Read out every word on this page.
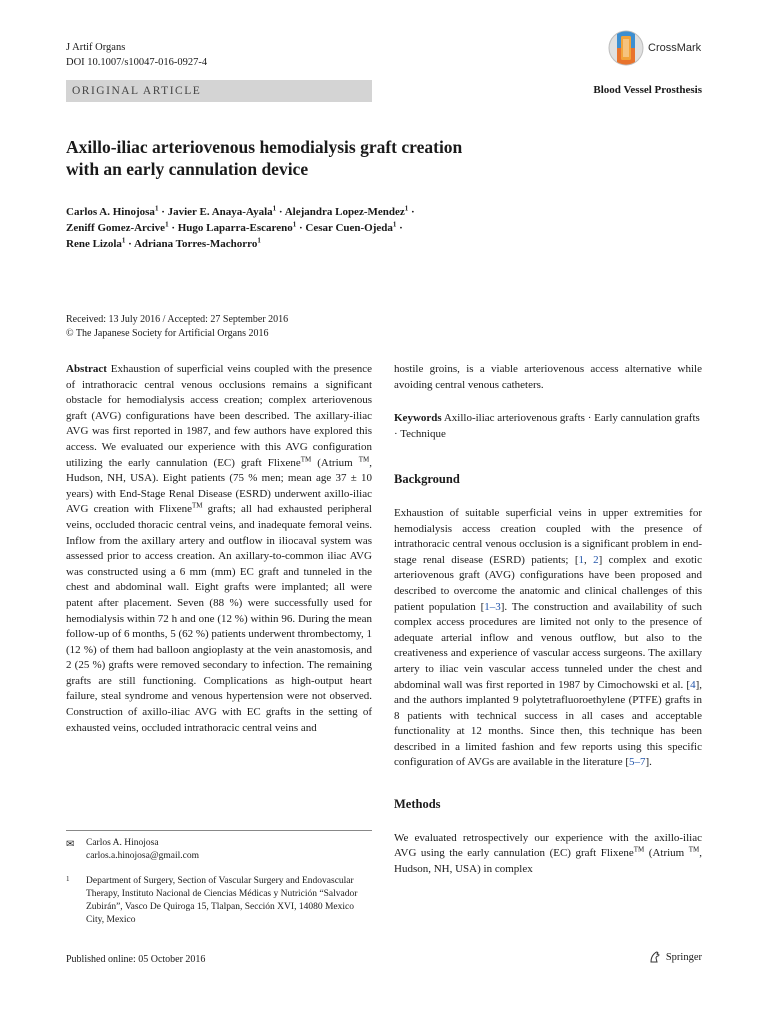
J Artif Organs
DOI 10.1007/s10047-016-0927-4
CrossMark
ORIGINAL ARTICLE	Blood Vessel Prosthesis
Axillo-iliac arteriovenous hemodialysis graft creation
with an early cannulation device
Carlos A. Hinojosa$^1$ · Javier E. Anaya-Ayala$^1$ · Alejandra Lopez-Mendez$^1$ ·
Zeniff Gomez-Arcive$^1$ · Hugo Laparra-Escareno$^1$ · Cesar Cuen-Ojeda$^1$ ·
Rene Lizola$^1$ · Adriana Torres-Machorro$^1$
Received: 13 July 2016 / Accepted: 27 September 2016
© The Japanese Society for Artificial Organs 2016

Abstract Exhaustion of superficial veins coupled with the presence of intrathoracic central venous occlusions remains a significant obstacle for hemodialysis access creation; complex arteriovenous graft (AVG) configurations have been described. The axillary-iliac AVG was first reported in 1987, and few authors have explored this access. We evaluated our experience with this AVG configuration utilizing the early cannulation (EC) graft Flixene™ (Atrium ™, Hudson, NH, USA). Eight patients (75 % men; mean age 37 ± 10 years) with End-Stage Renal Disease (ESRD) underwent axillo-iliac AVG creation with Flixene™ grafts; all had exhausted peripheral veins, occluded thoracic central veins, and inadequate femoral veins. Inflow from the axillary artery and outflow in iliocaval system was assessed prior to access creation. An axillary-to-common iliac AVG was constructed using a 6 mm (mm) EC graft and tunneled in the chest and abdominal wall. Eight grafts were implanted; all were patent after placement. Seven (88 %) were successfully used for hemodialysis within 72 h and one (12 %) within 96. During the mean follow-up of 6 months, 5 (62 %) patients underwent thrombectomy, 1 (12 %) of them had balloon angioplasty at the vein anastomosis, and 2 (25 %) grafts were removed secondary to infection. The remaining grafts are still functioning. Complications as high-output heart failure, steal syndrome and venous hypertension were not observed. Construction of axillo-iliac AVG with EC grafts in the setting of exhausted veins, occluded intrathoracic central veins and

hostile groins, is a viable arteriovenous access alternative while avoiding central venous catheters.

Keywords Axillo-iliac arteriovenous grafts · Early cannulation grafts · Technique

Background

Exhaustion of suitable superficial veins in upper extremities for hemodialysis access creation coupled with the presence of intrathoracic central venous occlusion is a significant problem in end-stage renal disease (ESRD) patients; [1, 2] complex and exotic arteriovenous graft (AVG) configurations have been proposed and described to overcome the anatomic and clinical challenges of this patient population [1–3]. The construction and availability of such complex access procedures are limited not only to the presence of adequate arterial inflow and venous outflow, but also to the creativeness and experience of vascular access surgeons. The axillary artery to iliac vein vascular access tunneled under the chest and abdominal wall was first reported in 1987 by Cimochowski et al. [4], and the authors implanted 9 polytetrafluoroethylene (PTFE) grafts in 8 patients with technical success in all cases and acceptable functionality at 12 months. Since then, this technique has been described in a limited fashion and few reports using this specific configuration of AVGs are available in the literature [5–7].

Methods

We evaluated retrospectively our experience with the axillo-iliac AVG using the early cannulation (EC) graft Flixene™ (Atrium ™, Hudson, NH, USA) in complex

✉ Carlos A. Hinojosa
carlos.a.hinojosa@gmail.com
1 Department of Surgery, Section of Vascular Surgery and Endovascular Therapy, Instituto Nacional de Ciencias Médicas y Nutrición “Salvador Zubirán”, Vasco De Quiroga 15, Tlalpan, Sección XVI, 14080 Mexico City, Mexico
Published online: 05 October 2016	Springer
